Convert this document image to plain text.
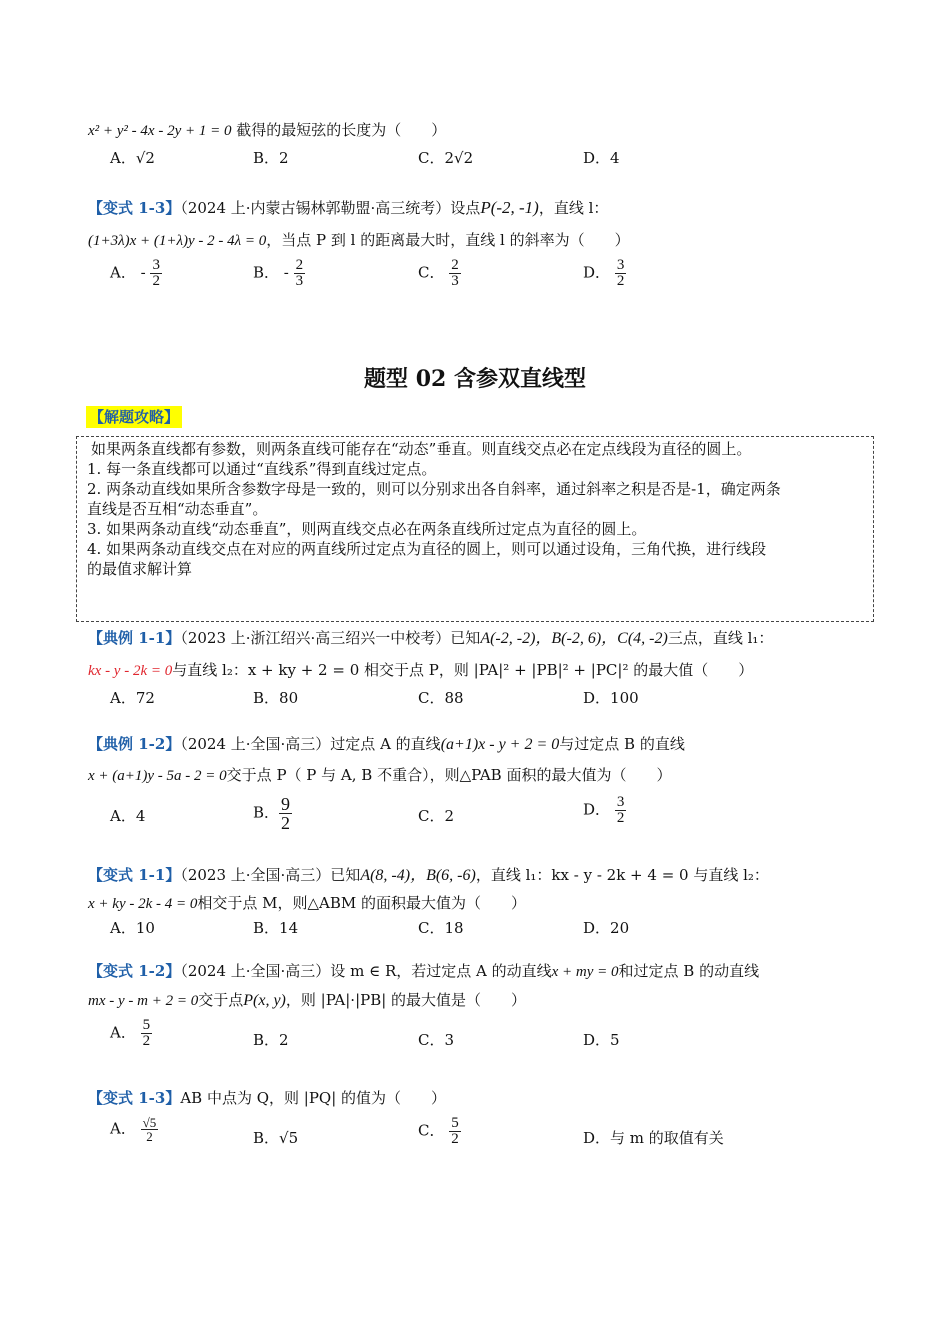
x² + y² - 4x - 2y + 1 = 0 截得的最短弦的长度为（　　）
A．√2	B．2	C．2√2	D．4
【变式 1-3】（2024 上·内蒙古锡林郭勒盟·高三统考）设点P(-2, -1)，直线 l：
(1+3λ)x + (1+λ)y - 2 - 4λ = 0，当点 P 到 l 的距离最大时，直线 l 的斜率为（　　）
A． - $\frac{3}{2}$	B． - $\frac{2}{3}$	C． $\frac{2}{3}$	D． $\frac{3}{2}$
题型 02 含参双直线型
【解题攻略】
如果两条直线都有参数，则两条直线可能存在“动态”垂直。则直线交点必在定点线段为直径的圆上。
1. 每一条直线都可以通过“直线系”得到直线过定点。
2. 两条动直线如果所含参数字母是一致的，则可以分别求出各自斜率，通过斜率之积是否是-1，确定两条
直线是否互相“动态垂直”。
3. 如果两条动直线“动态垂直”，则两直线交点必在两条直线所过定点为直径的圆上。
4. 如果两条动直线交点在对应的两直线所过定点为直径的圆上，则可以通过设角，三角代换，进行线段
的最值求解计算
【典例 1-1】（2023 上·浙江绍兴·高三绍兴一中校考）已知A(-2, -2)，B(-2, 6)，C(4, -2)三点，直线 l₁：
kx - y - 2k = 0与直线 l₂：x + ky + 2 = 0 相交于点 P，则 |PA|² + |PB|² + |PC|² 的最大值（　　）
A．72	B．80	C．88	D．100
【典例 1-2】（2024 上·全国·高三）过定点 A 的直线(a+1)x - y + 2 = 0与过定点 B 的直线
x + (a+1)y - 5a - 2 = 0交于点 P（ P 与 A, B 不重合），则△PAB 面积的最大值为（　　）
A．4	B． $\frac{9}{2}$	C．2	D． $\frac{3}{2}$
【变式 1-1】（2023 上·全国·高三）已知A(8, -4)，B(6, -6)，直线 l₁：kx - y - 2k + 4 = 0 与直线 l₂：
x + ky - 2k - 4 = 0相交于点 M，则△ABM 的面积最大值为（　　）
A．10	B．14	C．18	D．20
【变式 1-2】（2024 上·全国·高三）设 m ∈ R，若过定点 A 的动直线x + my = 0和过定点 B 的动直线
mx - y - m + 2 = 0交于点P(x, y)，则 |PA|·|PB| 的最大值是（　　）
A． $\frac{5}{2}$	B．2	C．3	D．5
【变式 1-3】AB 中点为 Q，则 |PQ| 的值为（　　）
A． $\frac{√5}{2}$	B．√5	C． $\frac{5}{2}$	D．与 m 的取值有关
